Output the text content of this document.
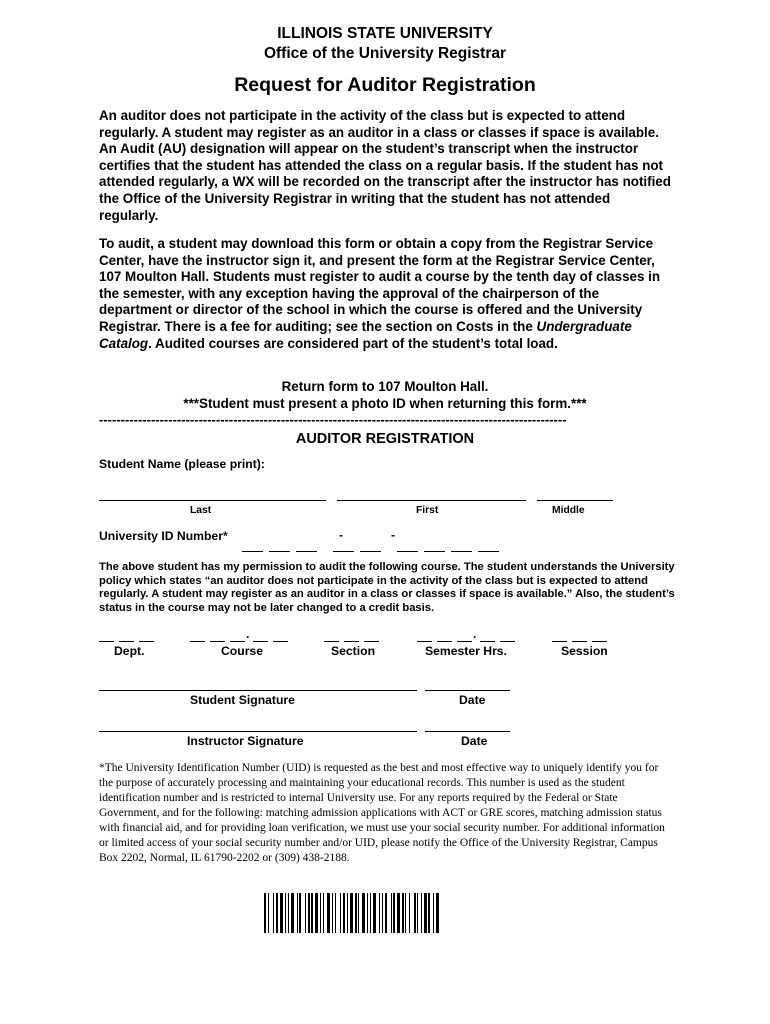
ILLINOIS STATE UNIVERSITY
Office of the University Registrar
Request for Auditor Registration
An auditor does not participate in the activity of the class but is expected to attend regularly. A student may register as an auditor in a class or classes if space is available. An Audit (AU) designation will appear on the student’s transcript when the instructor certifies that the student has attended the class on a regular basis. If the student has not attended regularly, a WX will be recorded on the transcript after the instructor has notified the Office of the University Registrar in writing that the student has not attended regularly.
To audit, a student may download this form or obtain a copy from the Registrar Service Center, have the instructor sign it, and present the form at the Registrar Service Center, 107 Moulton Hall. Students must register to audit a course by the tenth day of classes in the semester, with any exception having the approval of the chairperson of the department or director of the school in which the course is offered and the University Registrar. There is a fee for auditing; see the section on Costs in the Undergraduate Catalog. Audited courses are considered part of the student’s total load.
Return form to 107 Moulton Hall.
***Student must present a photo ID when returning this form.***
------------------------------------------------------------------------------------------------------------
AUDITOR REGISTRATION
Student Name (please print):
Last	First	Middle
University ID Number*	-	-
The above student has my permission to audit the following course. The student understands the University policy which states “an auditor does not participate in the activity of the class but is expected to attend regularly. A student may register as an auditor in a class or classes if space is available.” Also, the student’s status in the course may not be later changed to a credit basis.
.	.
Dept.	Course	Section	Semester Hrs.	Session
Student Signature	Date
Instructor Signature	Date
*The University Identification Number (UID) is requested as the best and most effective way to uniquely identify you for the purpose of accurately processing and maintaining your educational records. This number is used as the student identification number and is restricted to internal University use. For any reports required by the Federal or State Government, and for the following: matching admission applications with ACT or GRE scores, matching admission status with financial aid, and for providing loan verification, we must use your social security number. For additional information or limited access of your social security number and/or UID, please notify the Office of the University Registrar, Campus Box 2202, Normal, IL 61790-2202 or (309) 438-2188.
